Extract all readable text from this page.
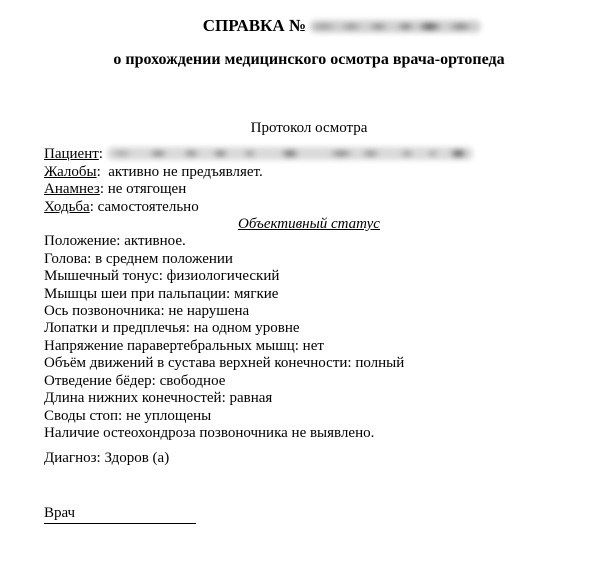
СПРАВКА №
о прохождении медицинского осмотра врача-ортопеда
Протокол осмотра
Пациент:
Жалобы:  активно не предъявляет.
Анамнез: не отягощен
Ходьба: самостоятельно
Объективный статус
Положение: активное.
Голова: в среднем положении
Мышечный тонус: физиологический
Мышцы шеи при пальпации: мягкие
Ось позвоночника: не нарушена
Лопатки и предплечья: на одном уровне
Напряжение паравертебральных мышц: нет
Объём движений в сустава верхней конечности: полный
Отведение бёдер: свободное
Длина нижних конечностей: равная
Своды стоп: не уплощены
Наличие остеохондроза позвоночника не выявлено.
Диагноз: Здоров (а)
Врач
